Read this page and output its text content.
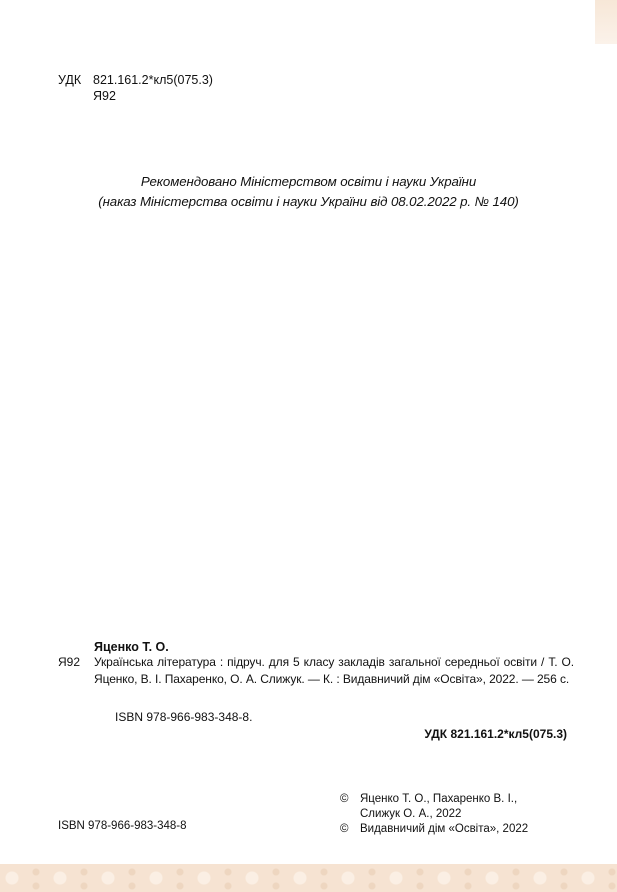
УДК 821.161.2*кл5(075.3)
Я92
Рекомендовано Міністерством освіти і науки України
(наказ Міністерства освіти і науки України від 08.02.2022 р. № 140)
Яценко Т. О.
Я92 Українська література : підруч. для 5 класу закладів загальної середньої освіти / Т. О. Яценко, В. І. Пахаренко, О. А. Слижук. — К. : Видавничий дім «Освіта», 2022. — 256 с.
ISBN 978-966-983-348-8.
УДК 821.161.2*кл5(075.3)
©	Яценко Т. О., Пахаренко В. І.,
Слижук О. А., 2022
©	Видавничий дім «Освіта», 2022
ISBN 978-966-983-348-8
